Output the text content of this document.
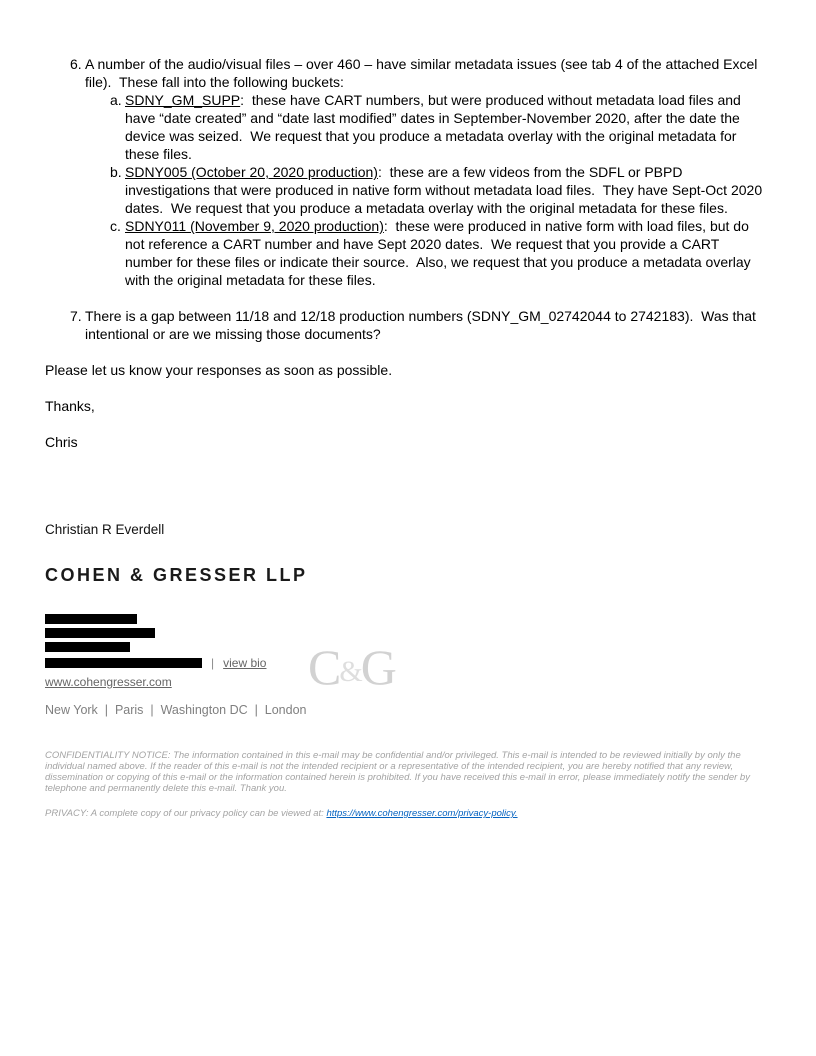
6. A number of the audio/visual files – over 460 – have similar metadata issues (see tab 4 of the attached Excel file).  These fall into the following buckets:
a. SDNY_GM_SUPP:  these have CART numbers, but were produced without metadata load files and have “date created” and “date last modified” dates in September-November 2020, after the date the device was seized.  We request that you produce a metadata overlay with the original metadata for these files.
b. SDNY005 (October 20, 2020 production):  these are a few videos from the SDFL or PBPD investigations that were produced in native form without metadata load files.  They have Sept-Oct 2020 dates.  We request that you produce a metadata overlay with the original metadata for these files.
c. SDNY011 (November 9, 2020 production):  these were produced in native form with load files, but do not reference a CART number and have Sept 2020 dates.  We request that you provide a CART number for these files or indicate their source.  Also, we request that you produce a metadata overlay with the original metadata for these files.
7. There is a gap between 11/18 and 12/18 production numbers (SDNY_GM_02742044 to 2742183).  Was that intentional or are we missing those documents?
Please let us know your responses as soon as possible.
Thanks,
Chris
Christian R Everdell
COHEN & GRESSER LLP
| view bio
www.cohengresser.com
New York  |  Paris  |  Washington DC  |  London
C&G
CONFIDENTIALITY NOTICE: The information contained in this e-mail may be confidential and/or privileged. This e-mail is intended to be reviewed initially by only the individual named above. If the reader of this e-mail is not the intended recipient or a representative of the intended recipient, you are hereby notified that any review, dissemination or copying of this e-mail or the information contained herein is prohibited. If you have received this e-mail in error, please immediately notify the sender by telephone and permanently delete this e-mail. Thank you.
PRIVACY: A complete copy of our privacy policy can be viewed at: https://www.cohengresser.com/privacy-policy.
